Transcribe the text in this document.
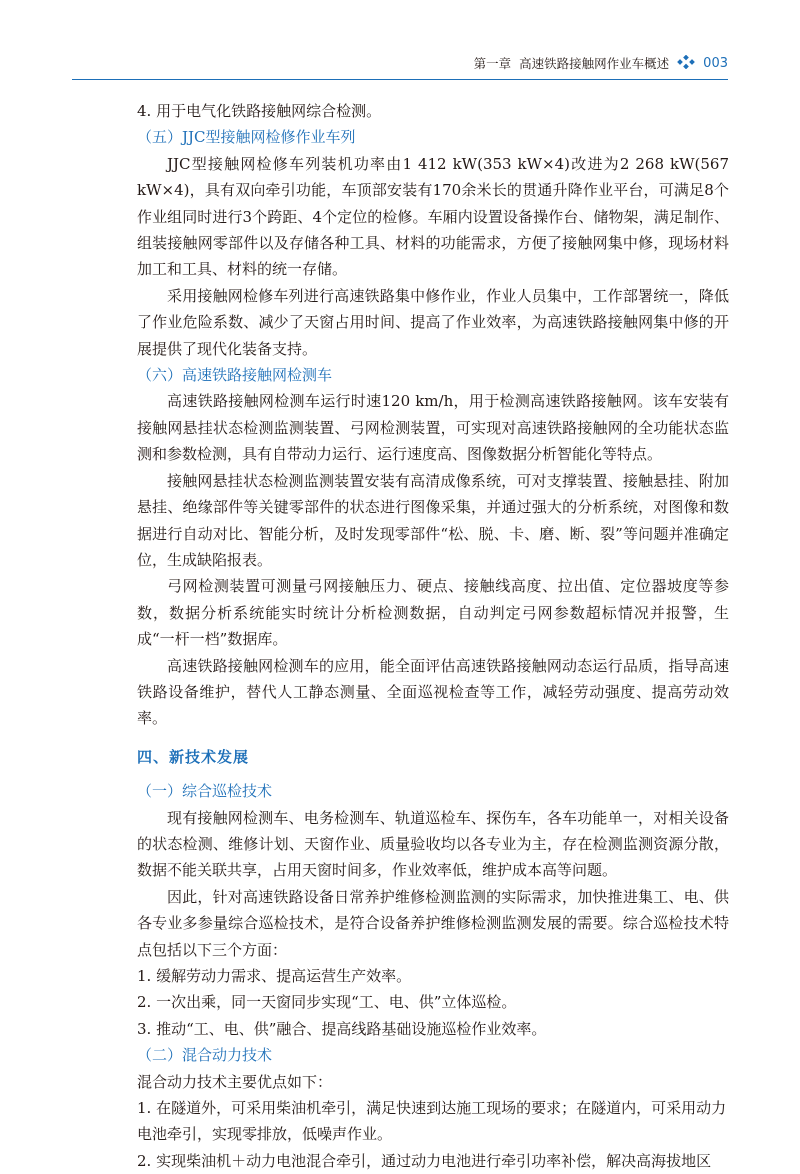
第一章 高速铁路接触网作业车概述	003

4. 用于电气化铁路接触网综合检测。

（五）JJC型接触网检修作业车列

JJC型接触网检修车列装机功率由1 412 kW(353 kW×4)改进为2 268 kW(567 kW×4)，具有双向牵引功能，车顶部安装有170余米长的贯通升降作业平台，可满足8个作业组同时进行3个跨距、4个定位的检修。车厢内设置设备操作台、储物架，满足制作、组装接触网零部件以及存储各种工具、材料的功能需求，方便了接触网集中修，现场材料加工和工具、材料的统一存储。

采用接触网检修车列进行高速铁路集中修作业，作业人员集中，工作部署统一，降低了作业危险系数、减少了天窗占用时间、提高了作业效率，为高速铁路接触网集中修的开展提供了现代化装备支持。

（六）高速铁路接触网检测车

高速铁路接触网检测车运行时速120 km/h，用于检测高速铁路接触网。该车安装有接触网悬挂状态检测监测装置、弓网检测装置，可实现对高速铁路接触网的全功能状态监测和参数检测，具有自带动力运行、运行速度高、图像数据分析智能化等特点。

接触网悬挂状态检测监测装置安装有高清成像系统，可对支撑装置、接触悬挂、附加悬挂、绝缘部件等关键零部件的状态进行图像采集，并通过强大的分析系统，对图像和数据进行自动对比、智能分析，及时发现零部件“松、脱、卡、磨、断、裂”等问题并准确定位，生成缺陷报表。

弓网检测装置可测量弓网接触压力、硬点、接触线高度、拉出值、定位器坡度等参数，数据分析系统能实时统计分析检测数据，自动判定弓网参数超标情况并报警，生成“一杆一档”数据库。

高速铁路接触网检测车的应用，能全面评估高速铁路接触网动态运行品质，指导高速铁路设备维护，替代人工静态测量、全面巡视检查等工作，减轻劳动强度、提高劳动效率。

四、新技术发展

（一）综合巡检技术

现有接触网检测车、电务检测车、轨道巡检车、探伤车，各车功能单一，对相关设备的状态检测、维修计划、天窗作业、质量验收均以各专业为主，存在检测监测资源分散，数据不能关联共享，占用天窗时间多，作业效率低，维护成本高等问题。

因此，针对高速铁路设备日常养护维修检测监测的实际需求，加快推进集工、电、供各专业多参量综合巡检技术，是符合设备养护维修检测监测发展的需要。综合巡检技术特点包括以下三个方面：

1. 缓解劳动力需求、提高运营生产效率。

2. 一次出乘，同一天窗同步实现“工、电、供”立体巡检。

3. 推动“工、电、供”融合、提高线路基础设施巡检作业效率。

（二）混合动力技术

混合动力技术主要优点如下：

1. 在隧道外，可采用柴油机牵引，满足快速到达施工现场的要求；在隧道内，可采用动力电池牵引，实现零排放，低噪声作业。

2. 实现柴油机＋动力电池混合牵引，通过动力电池进行牵引功率补偿，解决高海拔地区
